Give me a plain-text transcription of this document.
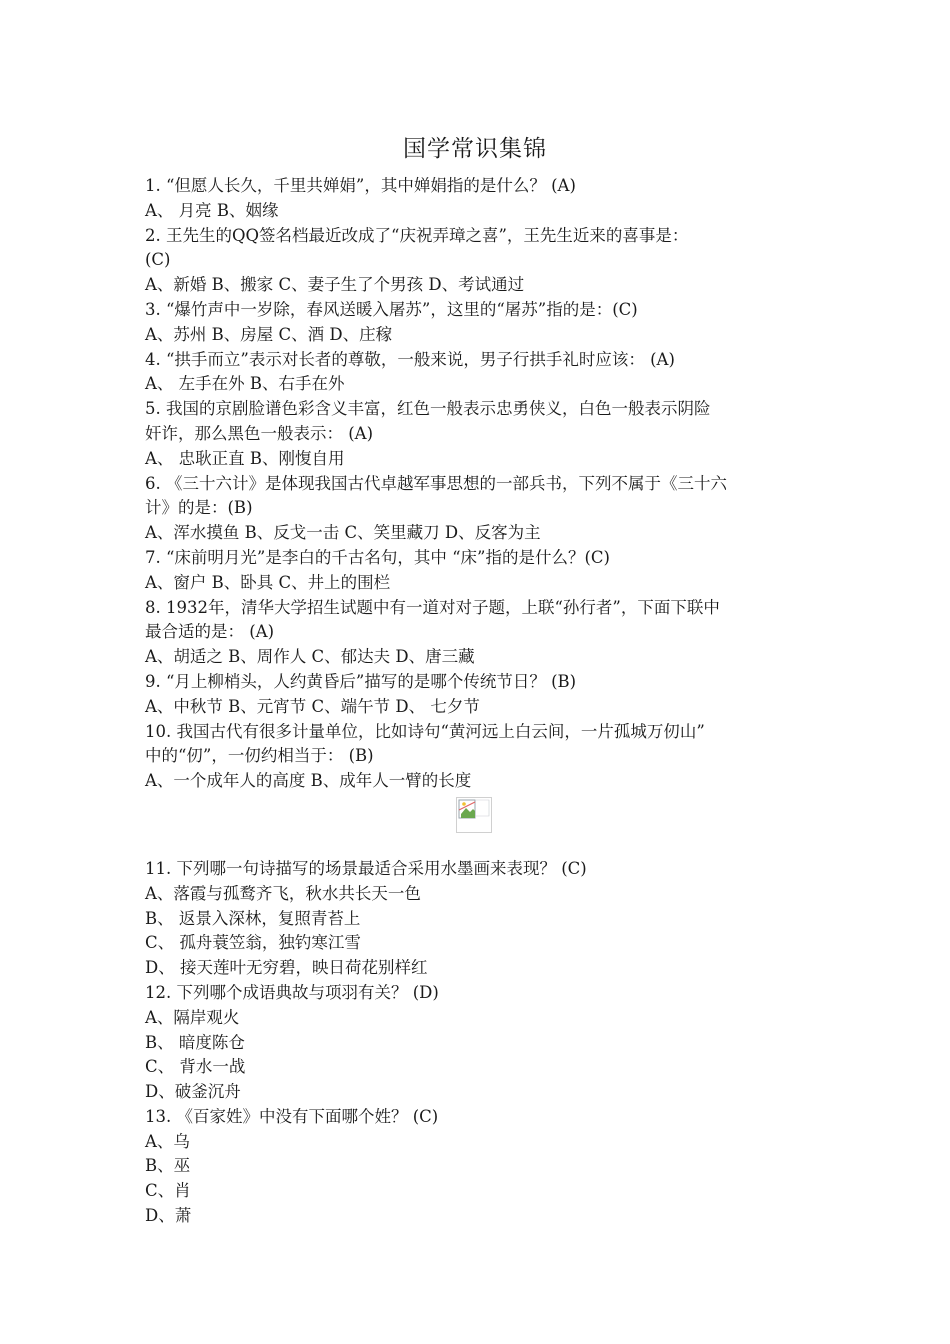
国学常识集锦
1. “但愿人长久，千里共婵娟”，其中婵娟指的是什么？ (A)
A、 月亮 B、姻缘
2. 王先生的QQ签名档最近改成了“庆祝弄璋之喜”，王先生近来的喜事是：
(C)
A、新婚 B、搬家 C、妻子生了个男孩 D、考试通过
3. “爆竹声中一岁除，春风送暖入屠苏”，这里的“屠苏”指的是：(C)
A、苏州 B、房屋 C、酒 D、庄稼
4. “拱手而立”表示对长者的尊敬，一般来说，男子行拱手礼时应该： (A)
A、 左手在外 B、右手在外
5. 我国的京剧脸谱色彩含义丰富，红色一般表示忠勇侠义，白色一般表示阴险
奸诈，那么黑色一般表示： (A)
A、 忠耿正直 B、刚愎自用
6. 《三十六计》是体现我国古代卓越军事思想的一部兵书，下列不属于《三十六
计》的是：(B)
A、浑水摸鱼 B、反戈一击 C、笑里藏刀 D、反客为主
7. “床前明月光”是李白的千古名句，其中 “床”指的是什么？(C)
A、窗户 B、卧具 C、井上的围栏
8. 1932年，清华大学招生试题中有一道对对子题，上联“孙行者”，下面下联中
最合适的是： (A)
A、胡适之 B、周作人 C、郁达夫 D、唐三藏
9. “月上柳梢头，人约黄昏后”描写的是哪个传统节日？ (B)
A、中秋节 B、元宵节 C、端午节 D、 七夕节
10. 我国古代有很多计量单位，比如诗句“黄河远上白云间，一片孤城万仞山”
中的“仞”，一仞约相当于： (B)
A、一个成年人的高度 B、成年人一臂的长度
11. 下列哪一句诗描写的场景最适合采用水墨画来表现？ (C)
A、落霞与孤鹜齐飞，秋水共长天一色
B、 返景入深林，复照青苔上
C、 孤舟蓑笠翁，独钓寒江雪
D、 接天莲叶无穷碧，映日荷花别样红
12. 下列哪个成语典故与项羽有关？ (D)
A、隔岸观火
B、 暗度陈仓
C、 背水一战
D、破釜沉舟
13. 《百家姓》中没有下面哪个姓？ (C)
A、乌
B、巫
C、肖
D、萧
